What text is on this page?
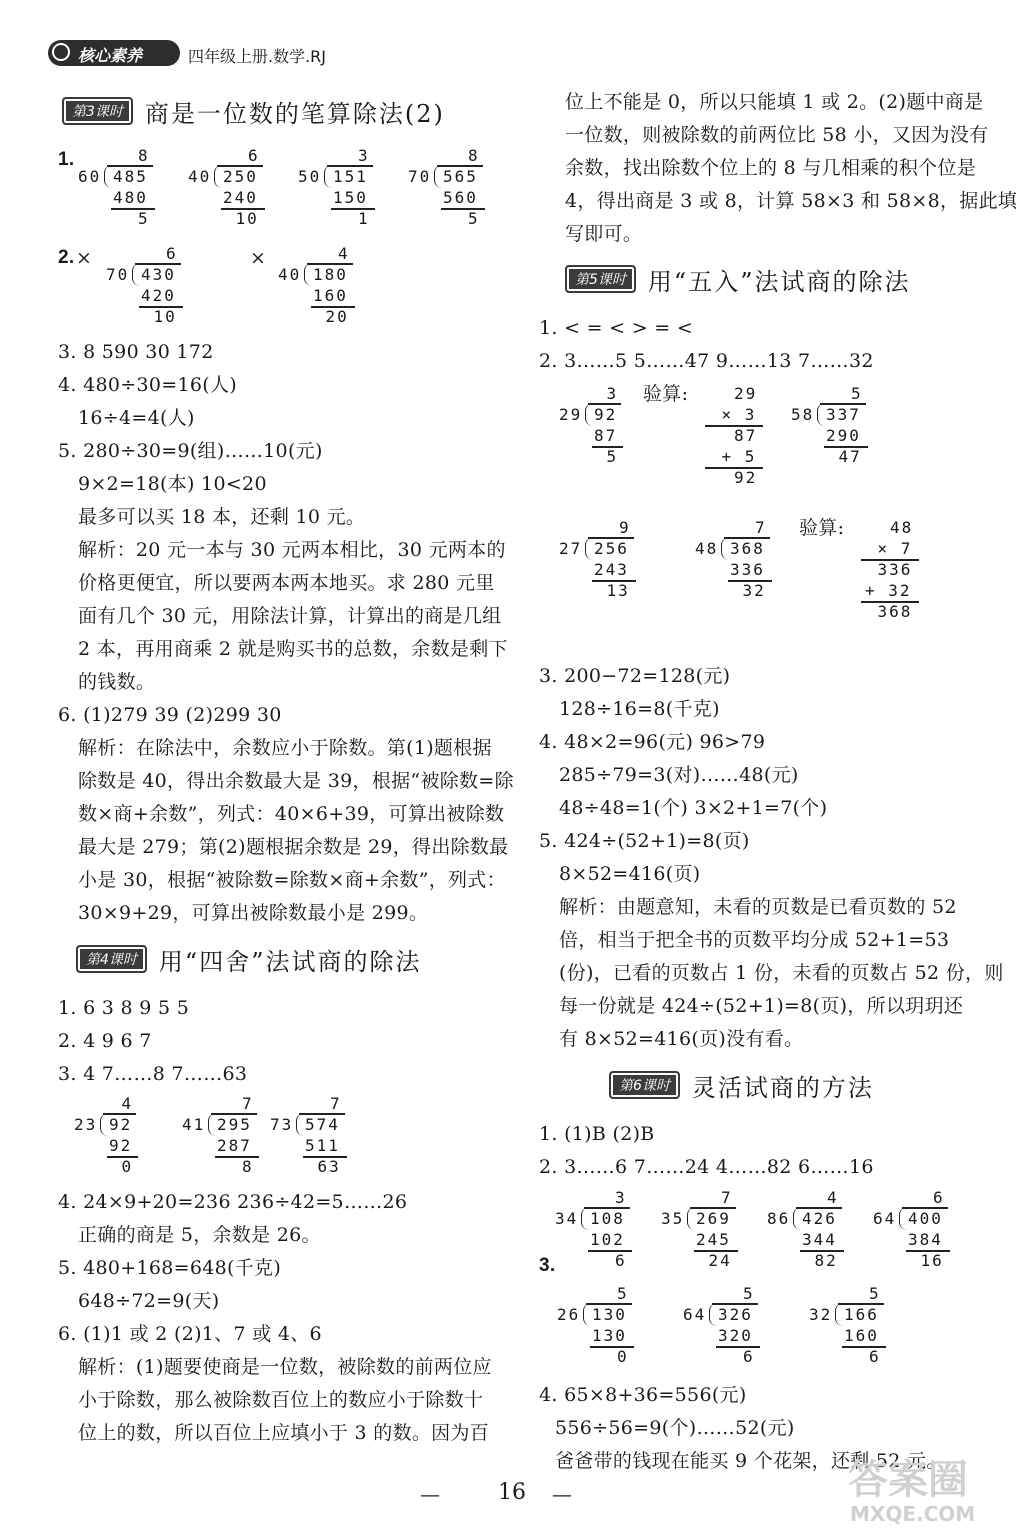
核心素养	四年级上册.数学.RJ
第3课时 商是一位数的笔算除法(2)
1.	8
60 485
480
5
6
40 250
240
10
3
50 151
150
1
8
70 565
560
5
2. ×	×
6
70 430
420
10
4
40 180
160
20
3. 8 590 30 172
4. 480÷30=16(人)
16÷4=4(人)
5. 280÷30=9(组)……10(元)
9×2=18(本) 10<20
最多可以买 18 本，还剩 10 元。
解析：20 元一本与 30 元两本相比，30 元两本的
价格更便宜，所以要两本两本地买。求 280 元里
面有几个 30 元，用除法计算，计算出的商是几组
2 本，再用商乘 2 就是购买书的总数，余数是剩下
的钱数。
6. (1)279 39 (2)299 30
解析：在除法中，余数应小于除数。第(1)题根据
除数是 40，得出余数最大是 39，根据“被除数=除
数×商+余数”，列式：40×6+39，可算出被除数
最大是 279；第(2)题根据余数是 29，得出除数最
小是 30，根据“被除数=除数×商+余数”，列式：
30×9+29，可算出被除数最小是 299。
第4课时 用“四舍”法试商的除法
1. 6 3 8 9 5 5
2. 4 9 6 7
3. 4 7……8 7……63
4
23 92
92
0
7
41 295
287
8
7
73 574
511
63
4. 24×9+20=236 236÷42=5……26
正确的商是 5，余数是 26。
5. 480+168=648(千克)
648÷72=9(天)
6. (1)1 或 2 (2)1、7 或 4、6
解析：(1)题要使商是一位数，被除数的前两位应
小于除数，那么被除数百位上的数应小于除数十
位上的数，所以百位上应填小于 3 的数。因为百
位上不能是 0，所以只能填 1 或 2。(2)题中商是
一位数，则被除数的前两位比 58 小，又因为没有
余数，找出除数个位上的 8 与几相乘的积个位是
4，得出商是 3 或 8，计算 58×3 和 58×8，据此填
写即可。
第5课时 用“五入”法试商的除法
1. < = < > = <
2. 3……5 5……47 9……13 7……32
3
29 92
87
5
5
58 337
290
47
验算:	29
× 3
87
+ 5
92
9
27 256
243
13
7
48 368
336
32
验算:	48
× 7
336
+ 32
368
3. 200−72=128(元)
128÷16=8(千克)
4. 48×2=96(元) 96>79
285÷79=3(对)……48(元)
48÷48=1(个) 3×2+1=7(个)
5. 424÷(52+1)=8(页)
8×52=416(页)
解析：由题意知，未看的页数是已看页数的 52
倍，相当于把全书的页数平均分成 52+1=53
(份)，已看的页数占 1 份，未看的页数占 52 份，则
每一份就是 424÷(52+1)=8(页)，所以玥玥还
有 8×52=416(页)没有看。
第6课时 灵活试商的方法
1. (1)B (2)B
2. 3……6 7……24 4……82 6……16
3
34 108
102
6
7
35 269
245
24
4
86 426
344
82
6
64 400
384
16
3.
5
26 130
130
0
5
64 326
320
6
5
32 166
160
6
4. 65×8+36=556(元)
556÷56=9(个)……52(元)
爸爸带的钱现在能买 9 个花架，还剩 52 元。
—	16 —	答案圈
MXQE.COM
